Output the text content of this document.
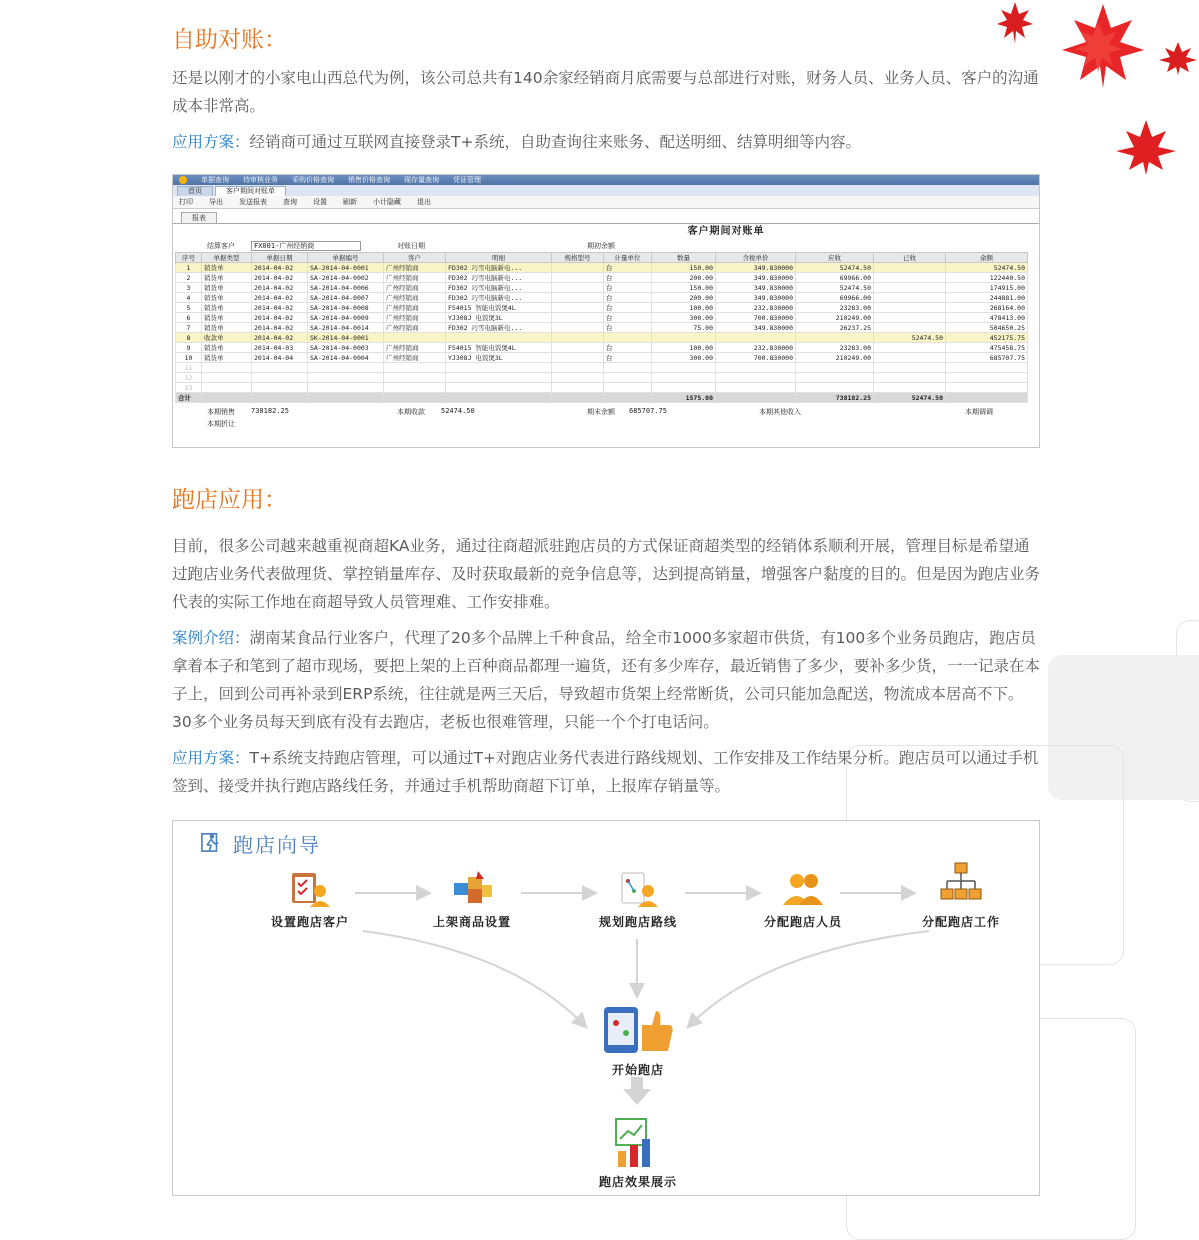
自助对账：

还是以刚才的小家电山西总代为例，该公司总共有140余家经销商月底需要与总部进行对账，财务人员、业务人员、客户的沟通成本非常高。

应用方案：经销商可通过互联网直接登录T+系统，自助查询往来账务、配送明细、结算明细等内容。

单据查询 待审核业务 采购价格查询 销售价格查询 现存量查询 凭证管理
首页	客户期间对账单
打印 导出 发送报表 查询 设置 刷新 小计隐藏 退出
报表
客户期间对账单
结算客户	FX001-广州经销商	对账日期	期初余额
序号	单据类型	单据日期	单据编号	客户	明细	规格型号	计量单位	数量	含税单价	应收	已收	余额
1	销货单	2014-04-02	SA-2014-04-0001	广州经销商	FD302 巧雪电脑新电...		台	150.00	349.830000	52474.50		52474.50
2	销货单	2014-04-02	SA-2014-04-0002	广州经销商	FD302 巧雪电脑新电...		台	200.00	349.830000	69966.00		122440.50
3	销货单	2014-04-02	SA-2014-04-0006	广州经销商	FD302 巧雪电脑新电...		台	150.00	349.830000	52474.50		174915.00
4	销货单	2014-04-02	SA-2014-04-0007	广州经销商	FD302 巧雪电脑新电...		台	200.00	349.830000	69966.00		244881.00
5	销货单	2014-04-02	SA-2014-04-0008	广州经销商	FS4015 智能电饭煲4L		台	100.00	232.830000	23283.00		268164.00
6	销货单	2014-04-02	SA-2014-04-0009	广州经销商	YJ308J 电饭煲3L		台	300.00	700.830000	210249.00		478413.00
7	销货单	2014-04-02	SA-2014-04-0014	广州经销商	FD302 巧雪电脑新电...		台	75.00	349.830000	26237.25		504650.25
8	收款单	2014-04-02	SK-2014-04-0001								52474.50	452175.75
9	销货单	2014-04-03	SA-2014-04-0003	广州经销商	FS4015 智能电饭煲4L		台	100.00	232.830000	23283.00		475458.75
10	销货单	2014-04-04	SA-2014-04-0004	广州经销商	YJ308J 电饭煲3L		台	300.00	700.830000	210249.00		685707.75
11												
12												
13												
合计								1575.00		738182.25	52474.50	
本期销售 738182.25	本期收款 52474.50	期末余额 685707.75	本期其他收入	本期调调
本期折让
跑店应用：

目前，很多公司越来越重视商超KA业务，通过往商超派驻跑店员的方式保证商超类型的经销体系顺利开展，管理目标是希望通过跑店业务代表做理货、掌控销量库存、及时获取最新的竞争信息等，达到提高销量，增强客户黏度的目的。但是因为跑店业务代表的实际工作地在商超导致人员管理难、工作安排难。

案例介绍：湖南某食品行业客户，代理了20多个品牌上千种食品，给全市1000多家超市供货，有100多个业务员跑店，跑店员拿着本子和笔到了超市现场，要把上架的上百种商品都理一遍货，还有多少库存，最近销售了多少，要补多少货，一一记录在本子上，回到公司再补录到ERP系统，往往就是两三天后，导致超市货架上经常断货，公司只能加急配送，物流成本居高不下。30多个业务员每天到底有没有去跑店，老板也很难管理，只能一个个打电话问。

应用方案：T+系统支持跑店管理，可以通过T+对跑店业务代表进行路线规划、工作安排及工作结果分析。跑店员可以通过手机签到、接受并执行跑店路线任务，并通过手机帮助商超下订单，上报库存销量等。

跑店向导
设置跑店客户	上架商品设置	规划跑店路线	分配跑店人员	分配跑店工作
开始跑店
跑店效果展示
